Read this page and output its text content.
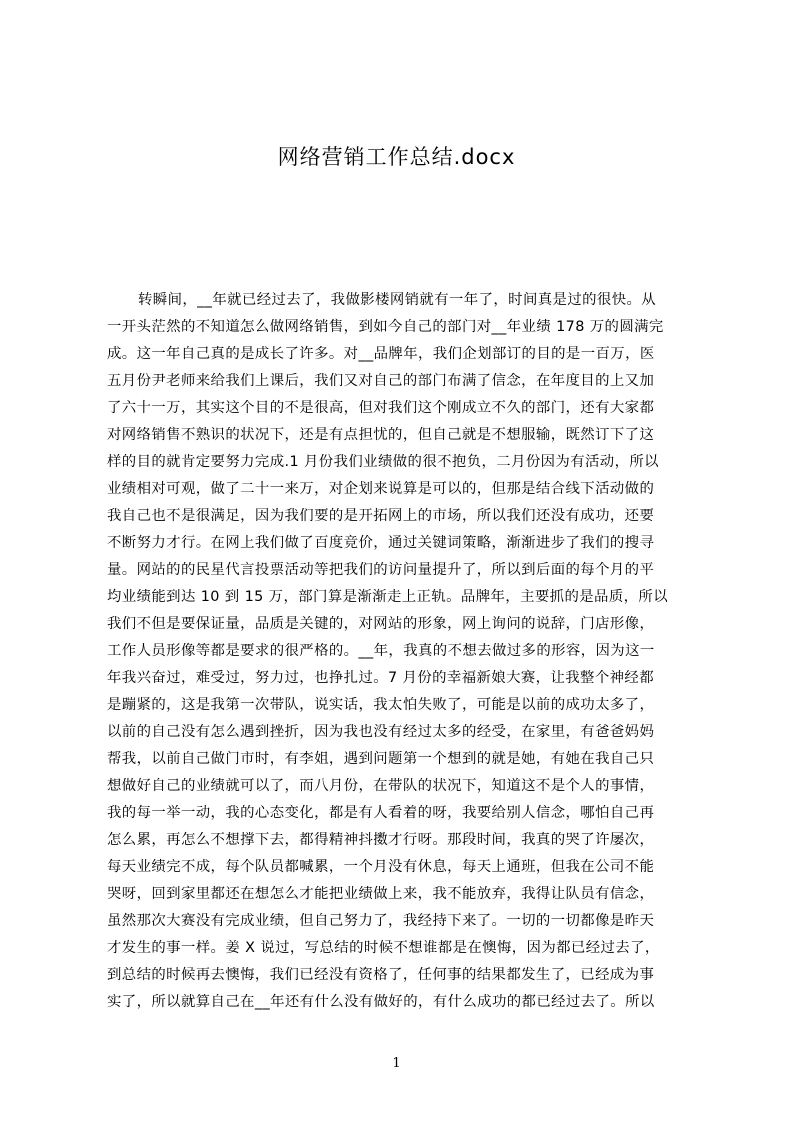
网络营销工作总结.docx
转瞬间，__年就已经过去了，我做影楼网销就有一年了，时间真是过的很快。从
一开头茫然的不知道怎么做网络销售，到如今自己的部门对__年业绩 178 万的圆满完
成。这一年自己真的是成长了许多。对__品牌年，我们企划部订的目的是一百万，医
五月份尹老师来给我们上课后，我们又对自己的部门布满了信念，在年度目的上又加
了六十一万，其实这个目的不是很高，但对我们这个刚成立不久的部门，还有大家都
对网络销售不熟识的状况下，还是有点担忧的，但自己就是不想服输，既然订下了这
样的目的就肯定要努力完成.1 月份我们业绩做的很不抱负，二月份因为有活动，所以
业绩相对可观，做了二十一来万，对企划来说算是可以的，但那是结合线下活动做的
我自己也不是很满足，因为我们要的是开拓网上的市场，所以我们还没有成功，还要
不断努力才行。在网上我们做了百度竞价，通过关键词策略，渐渐进步了我们的搜寻
量。网站的的民星代言投票活动等把我们的访问量提升了，所以到后面的每个月的平
均业绩能到达 10 到 15 万，部门算是渐渐走上正轨。品牌年，主要抓的是品质，所以
我们不但是要保证量，品质是关键的，对网站的形象，网上询问的说辞，门店形像，
工作人员形像等都是要求的很严格的。__年，我真的不想去做过多的形容，因为这一
年我兴奋过，难受过，努力过，也挣扎过。7 月份的幸福新娘大赛，让我整个神经都
是蹦紧的，这是我第一次带队，说实话，我太怕失败了，可能是以前的成功太多了，
以前的自己没有怎么遇到挫折，因为我也没有经过太多的经受，在家里，有爸爸妈妈
帮我，以前自己做门市时，有李姐，遇到问题第一个想到的就是她，有她在我自己只
想做好自己的业绩就可以了，而八月份，在带队的状况下，知道这不是个人的事情，
我的每一举一动，我的心态变化，都是有人看着的呀，我要给别人信念，哪怕自己再
怎么累，再怎么不想撑下去，都得精神抖擞才行呀。那段时间，我真的哭了许屡次，
每天业绩完不成，每个队员都喊累，一个月没有休息，每天上通班，但我在公司不能
哭呀，回到家里都还在想怎么才能把业绩做上来，我不能放弃，我得让队员有信念，
虽然那次大赛没有完成业绩，但自己努力了，我经持下来了。一切的一切都像是昨天
才发生的事一样。姜 X 说过，写总结的时候不想谁都是在懊悔，因为都已经过去了，
到总结的时候再去懊悔，我们已经没有资格了，任何事的结果都发生了，已经成为事
实了，所以就算自己在__年还有什么没有做好的，有什么成功的都已经过去了。所以
1
